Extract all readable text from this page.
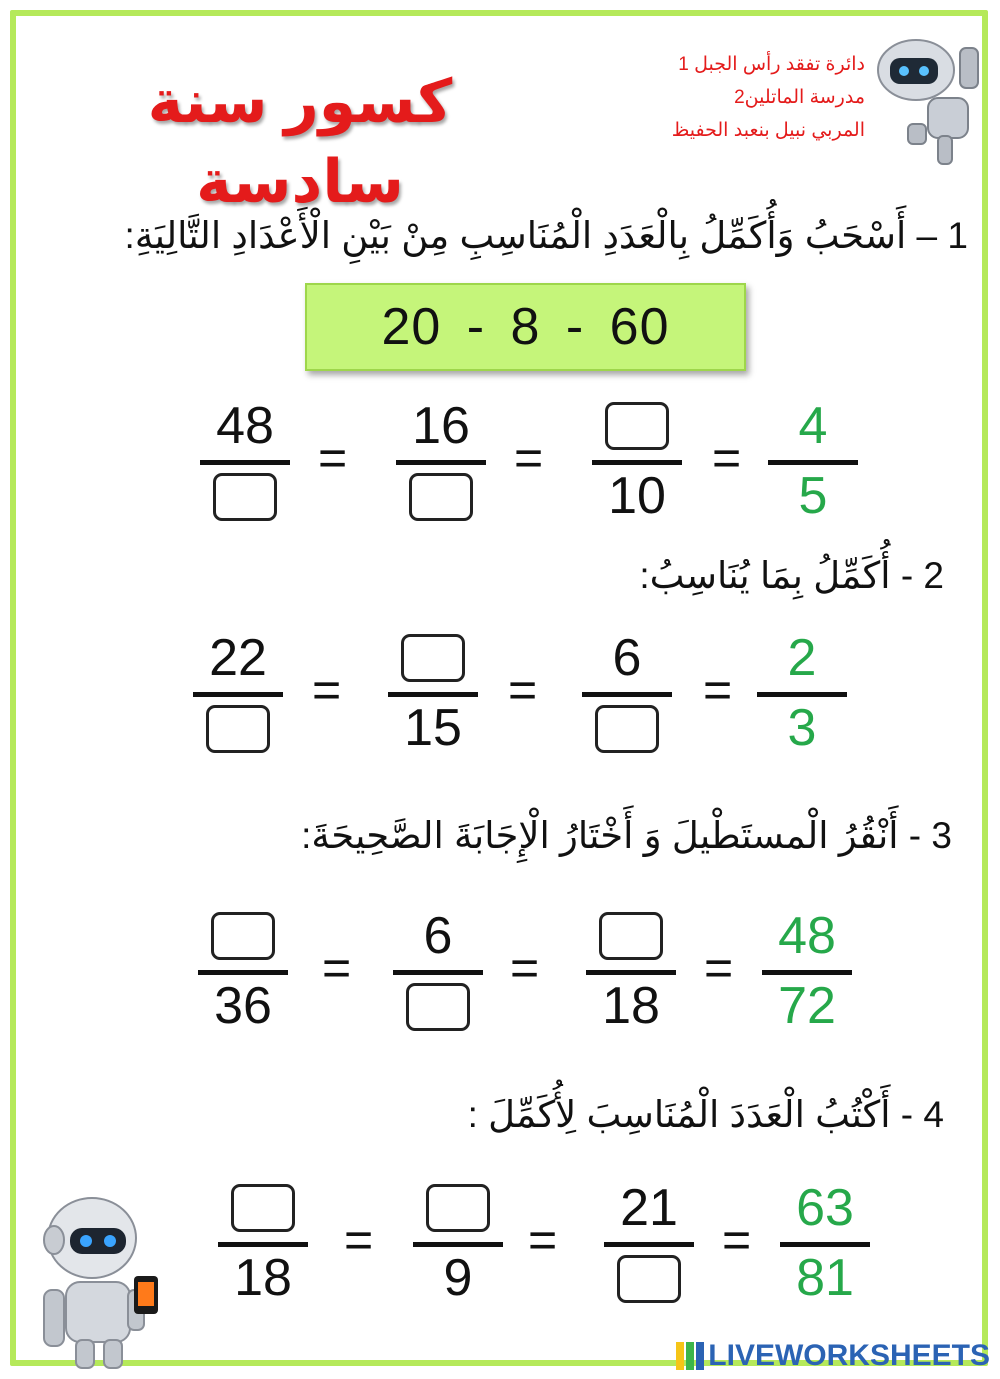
كسور سنة سادسة
دائرة تفقد رأس الجبل 1
مدرسة الماتلين2
المربي نبيل بنعبد الحفيظ
1 – أَسْحَبُ وَأُكَمِّلُ بِالْعَدَدِ الْمُنَاسِبِ مِنْ بَيْنِ الْأَعْدَادِ التَّالِيَةِ:
20 - 8 - 60
48
=
16
=
10
=
4
5
2 - أُكَمِّلُ بِمَا يُنَاسِبُ:
22
=
15
=
6
=
2
3
3 - أَنْقُرُ الْمستَطْيلَ وَ أَخْتَارُ الْإِجَابَةَ الصَّحِيحَةَ:
36
=
6
=
18
=
48
72
4 - أَكْتُبُ الْعَدَدَ الْمُنَاسِبَ لِأُكَمِّلَ :
18
=
9
=
21
=
63
81
LIVEWORKSHEETS
